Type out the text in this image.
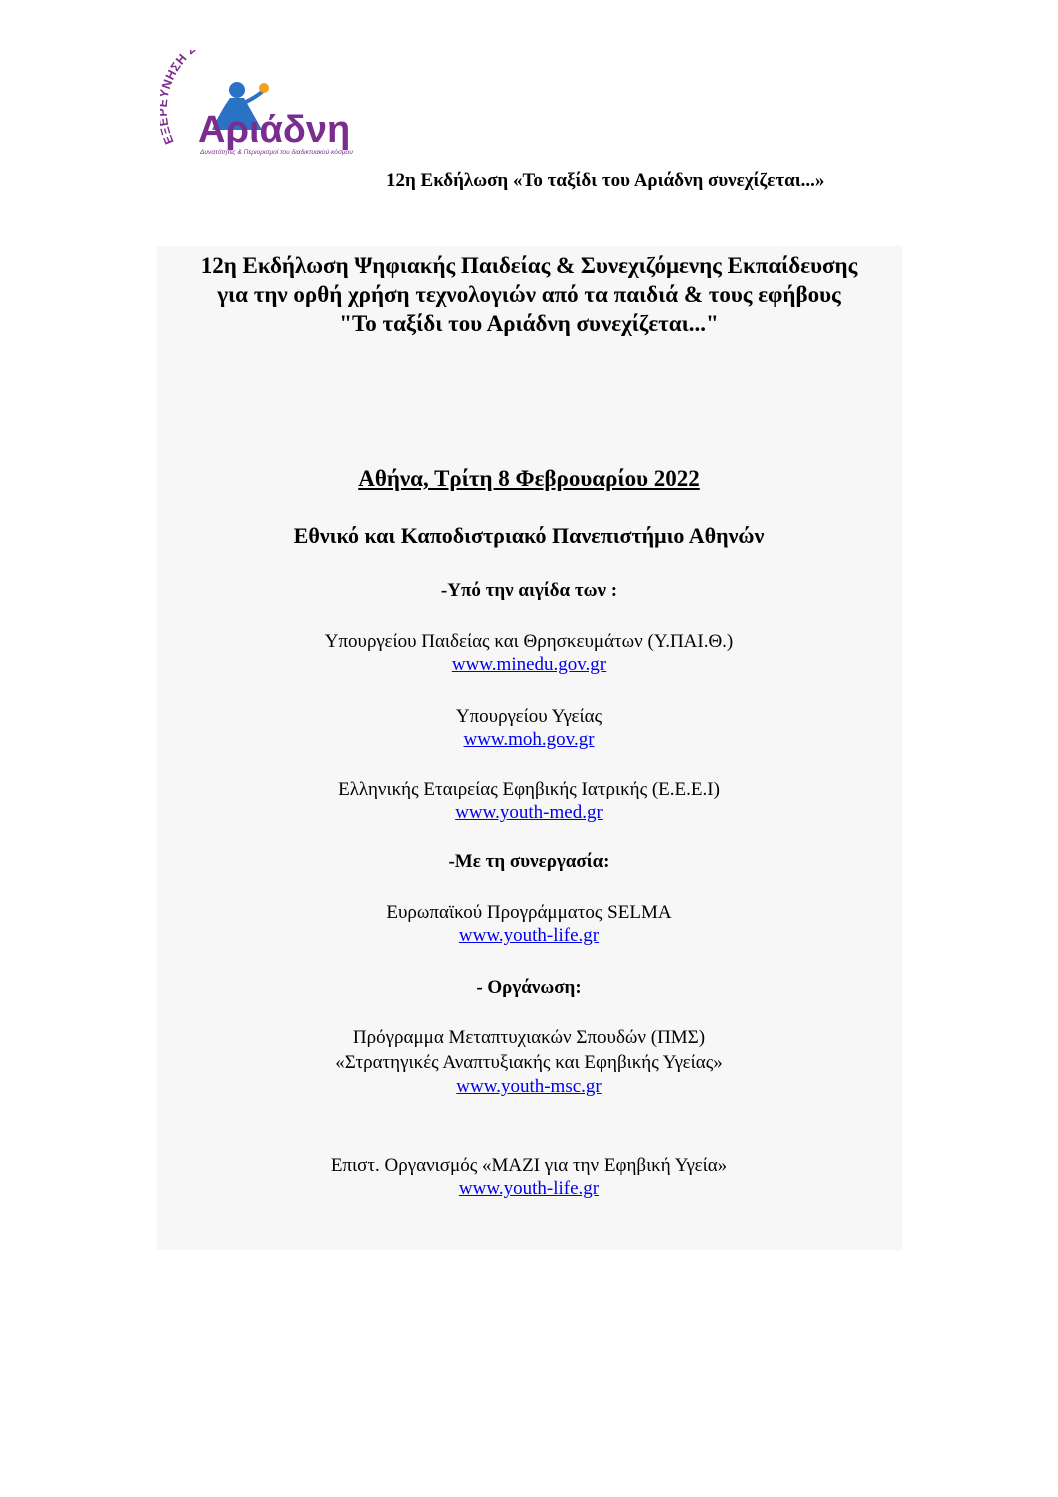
Ε ΝΗΣΗ
Αριάδνη
Δυνατότητες & Περιορισμοί του διαδικτυακού κόσμου
12η Εκδήλωση «Το ταξίδι του Αριάδνη συνεχίζεται...»
12η Εκδήλωση Ψηφιακής Παιδείας & Συνεχιζόμενης Εκπαίδευσης
για την ορθή χρήση τεχνολογιών από τα παιδιά & τους εφήβους
"Το ταξίδι του Αριάδνη συνεχίζεται..."
Αθήνα, Τρίτη 8 Φεβρουαρίου 2022
Εθνικό και Καποδιστριακό Πανεπιστήμιο Αθηνών
-Υπό την αιγίδα των :
Υπουργείου Παιδείας και Θρησκευμάτων (Υ.ΠΑΙ.Θ.)
www.minedu.gov.gr
Υπουργείου Υγείας
www.moh.gov.gr
Ελληνικής Εταιρείας Εφηβικής Ιατρικής (Ε.Ε.Ε.Ι)
www.youth-med.gr
-Με τη συνεργασία:
Ευρωπαϊκού Προγράμματος SELMA
www.youth-life.gr
- Οργάνωση:
Πρόγραμμα Μεταπτυχιακών Σπουδών (ΠΜΣ)
«Στρατηγικές Αναπτυξιακής και Εφηβικής Υγείας»
www.youth-msc.gr
Επιστ. Οργανισμός «ΜΑΖΙ για την Εφηβική Υγεία»
www.youth-life.gr
